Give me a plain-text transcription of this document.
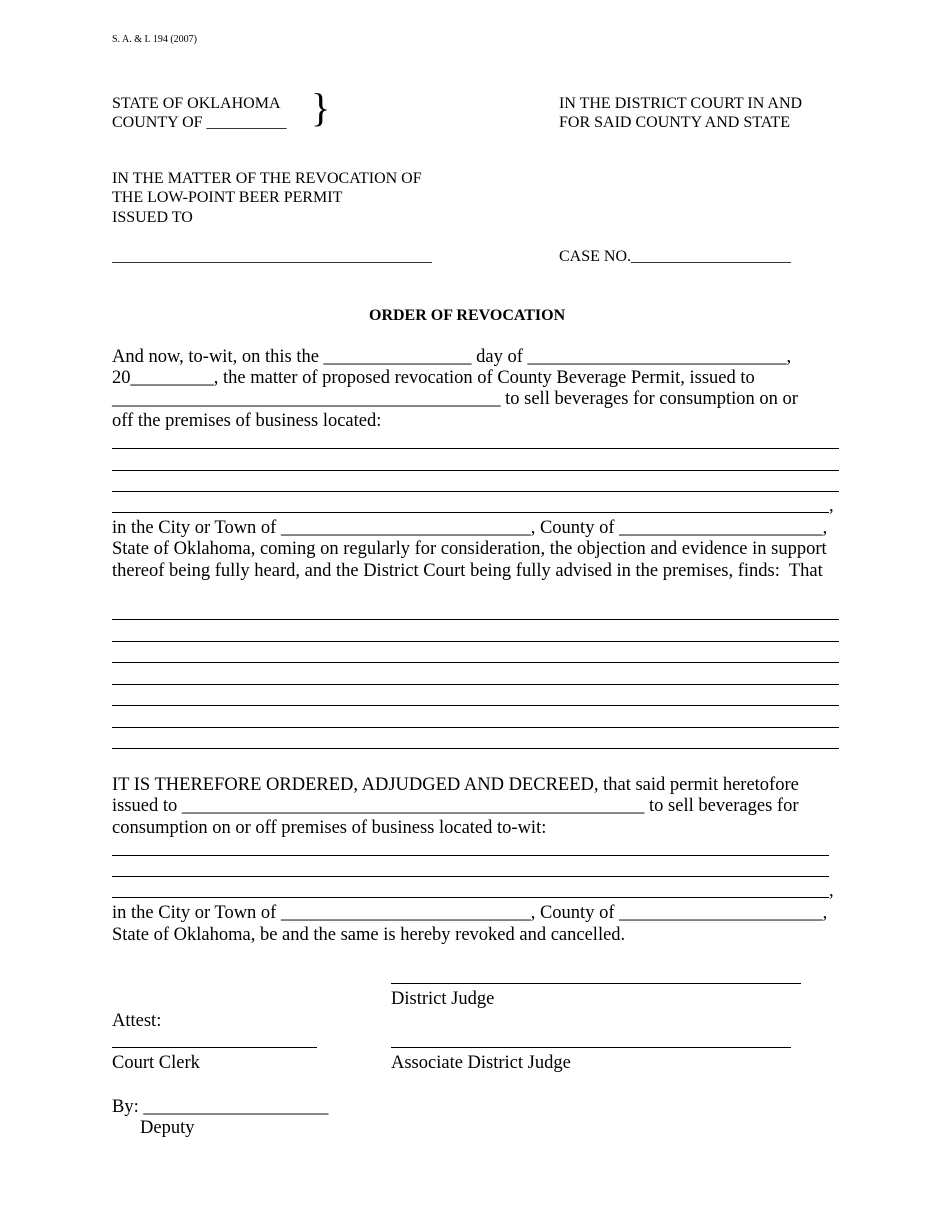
S. A. & I. 194 (2007)
STATE OF OKLAHOMA
COUNTY OF __________ }	IN THE DISTRICT COURT IN AND
FOR SAID COUNTY AND STATE
IN THE MATTER OF THE REVOCATION OF
THE LOW-POINT BEER PERMIT
ISSUED TO
________________________________________	CASE NO.____________________
ORDER OF REVOCATION
And now, to-wit, on this the ________________ day of ____________________________,
20_________, the matter of proposed revocation of County Beverage Permit, issued to
__________________________________________ to sell beverages for consumption on or
off the premises of business located:
,
in the City or Town of ___________________________, County of ______________________,
State of Oklahoma, coming on regularly for consideration, the objection and evidence in support
thereof being fully heard, and the District Court being fully advised in the premises, finds:  That
IT IS THEREFORE ORDERED, ADJUDGED AND DECREED, that said permit heretofore
issued to __________________________________________________ to sell beverages for
consumption on or off premises of business located to-wit:
,
in the City or Town of ___________________________, County of ______________________,
State of Oklahoma, be and the same is hereby revoked and cancelled.
District Judge
Attest:
Court Clerk	Associate District Judge
By: ____________________
Deputy
